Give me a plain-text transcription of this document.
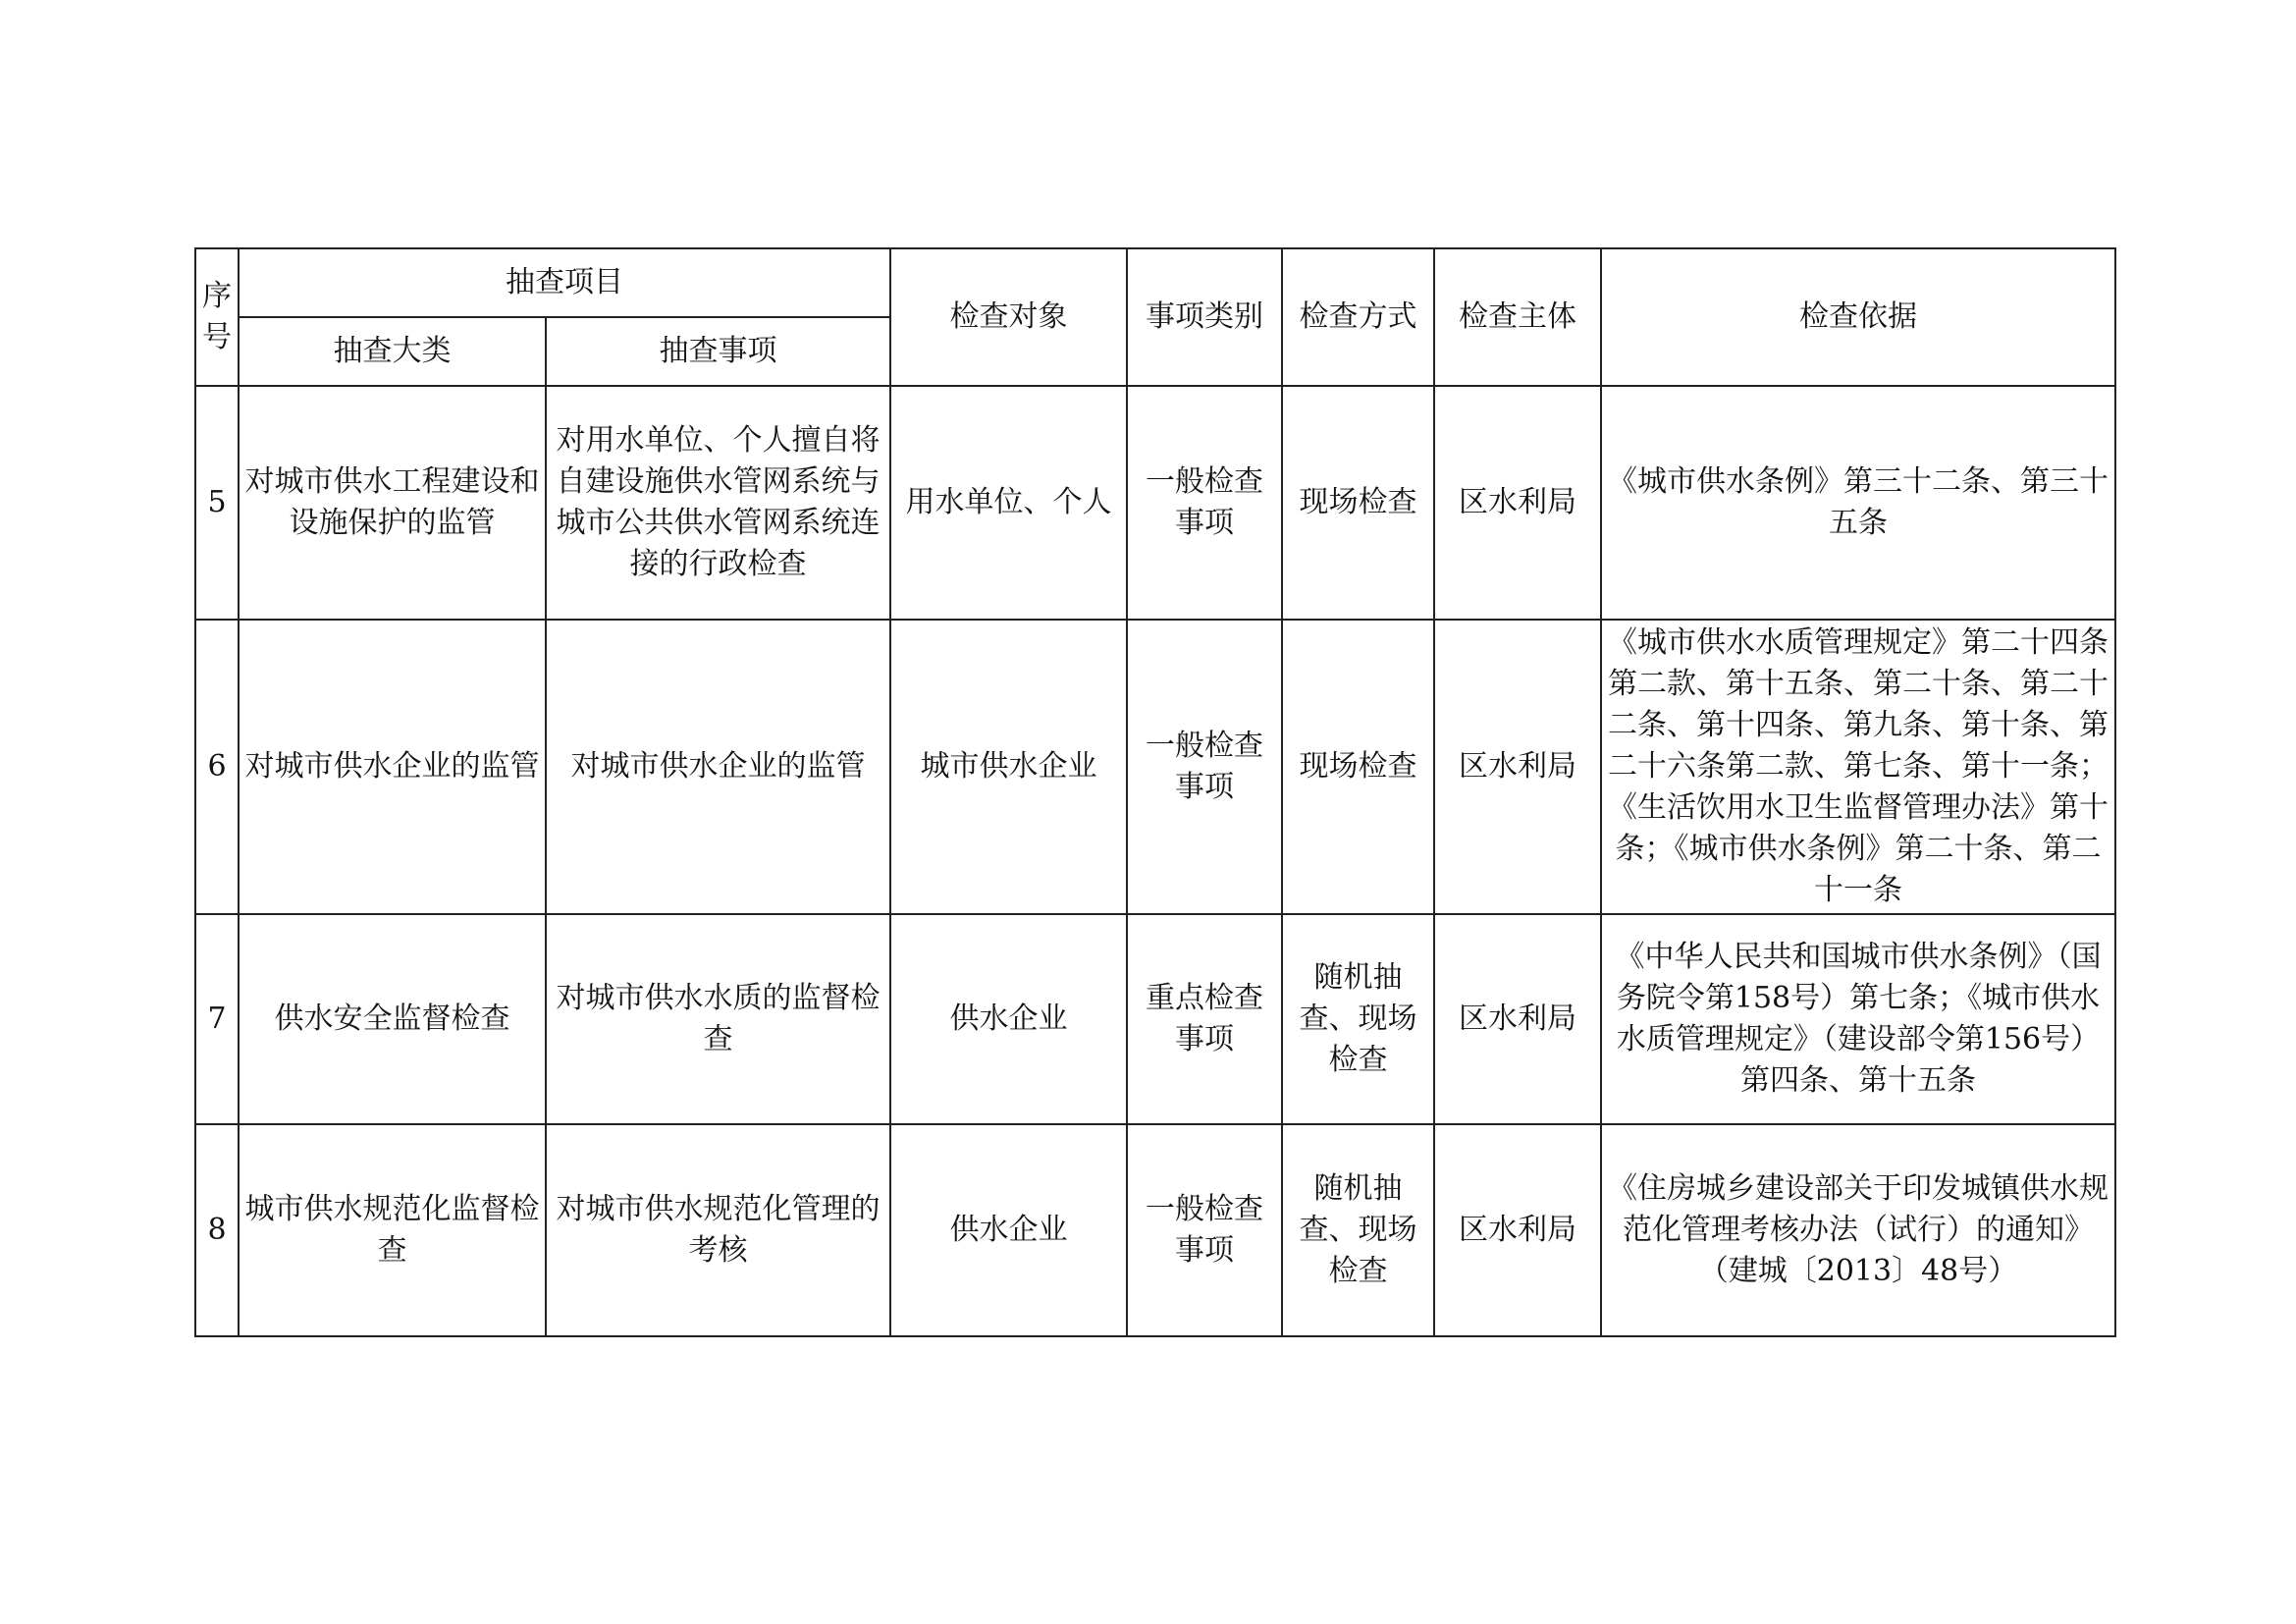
序号	抽查项目		检查对象	事项类别	检查方式	检查主体	检查依据
	抽查大类	抽查事项					
5	对城市供水工程建设和设施保护的监管	对用水单位、个人擅自将自建设施供水管网系统与城市公共供水管网系统连接的行政检查	用水单位、个人	一般检查事项	现场检查	区水利局	《城市供水条例》第三十二条、第三十五条
6	对城市供水企业的监管	对城市供水企业的监管	城市供水企业	一般检查事项	现场检查	区水利局	《城市供水水质管理规定》第二十四条第二款、第十五条、第二十条、第二十二条、第十四条、第九条、第十条、第二十六条第二款、第七条、第十一条；《生活饮用水卫生监督管理办法》第十条；《城市供水条例》第二十条、第二十一条
7	供水安全监督检查	对城市供水水质的监督检查	供水企业	重点检查事项	随机抽查、现场检查	区水利局	《中华人民共和国城市供水条例》（国务院令第158号）第七条；《城市供水水质管理规定》（建设部令第156号）第四条、第十五条
8	城市供水规范化监督检查	对城市供水规范化管理的考核	供水企业	一般检查事项	随机抽查、现场检查	区水利局	《住房城乡建设部关于印发城镇供水规范化管理考核办法（试行）的通知》（建城〔2013〕48号）
